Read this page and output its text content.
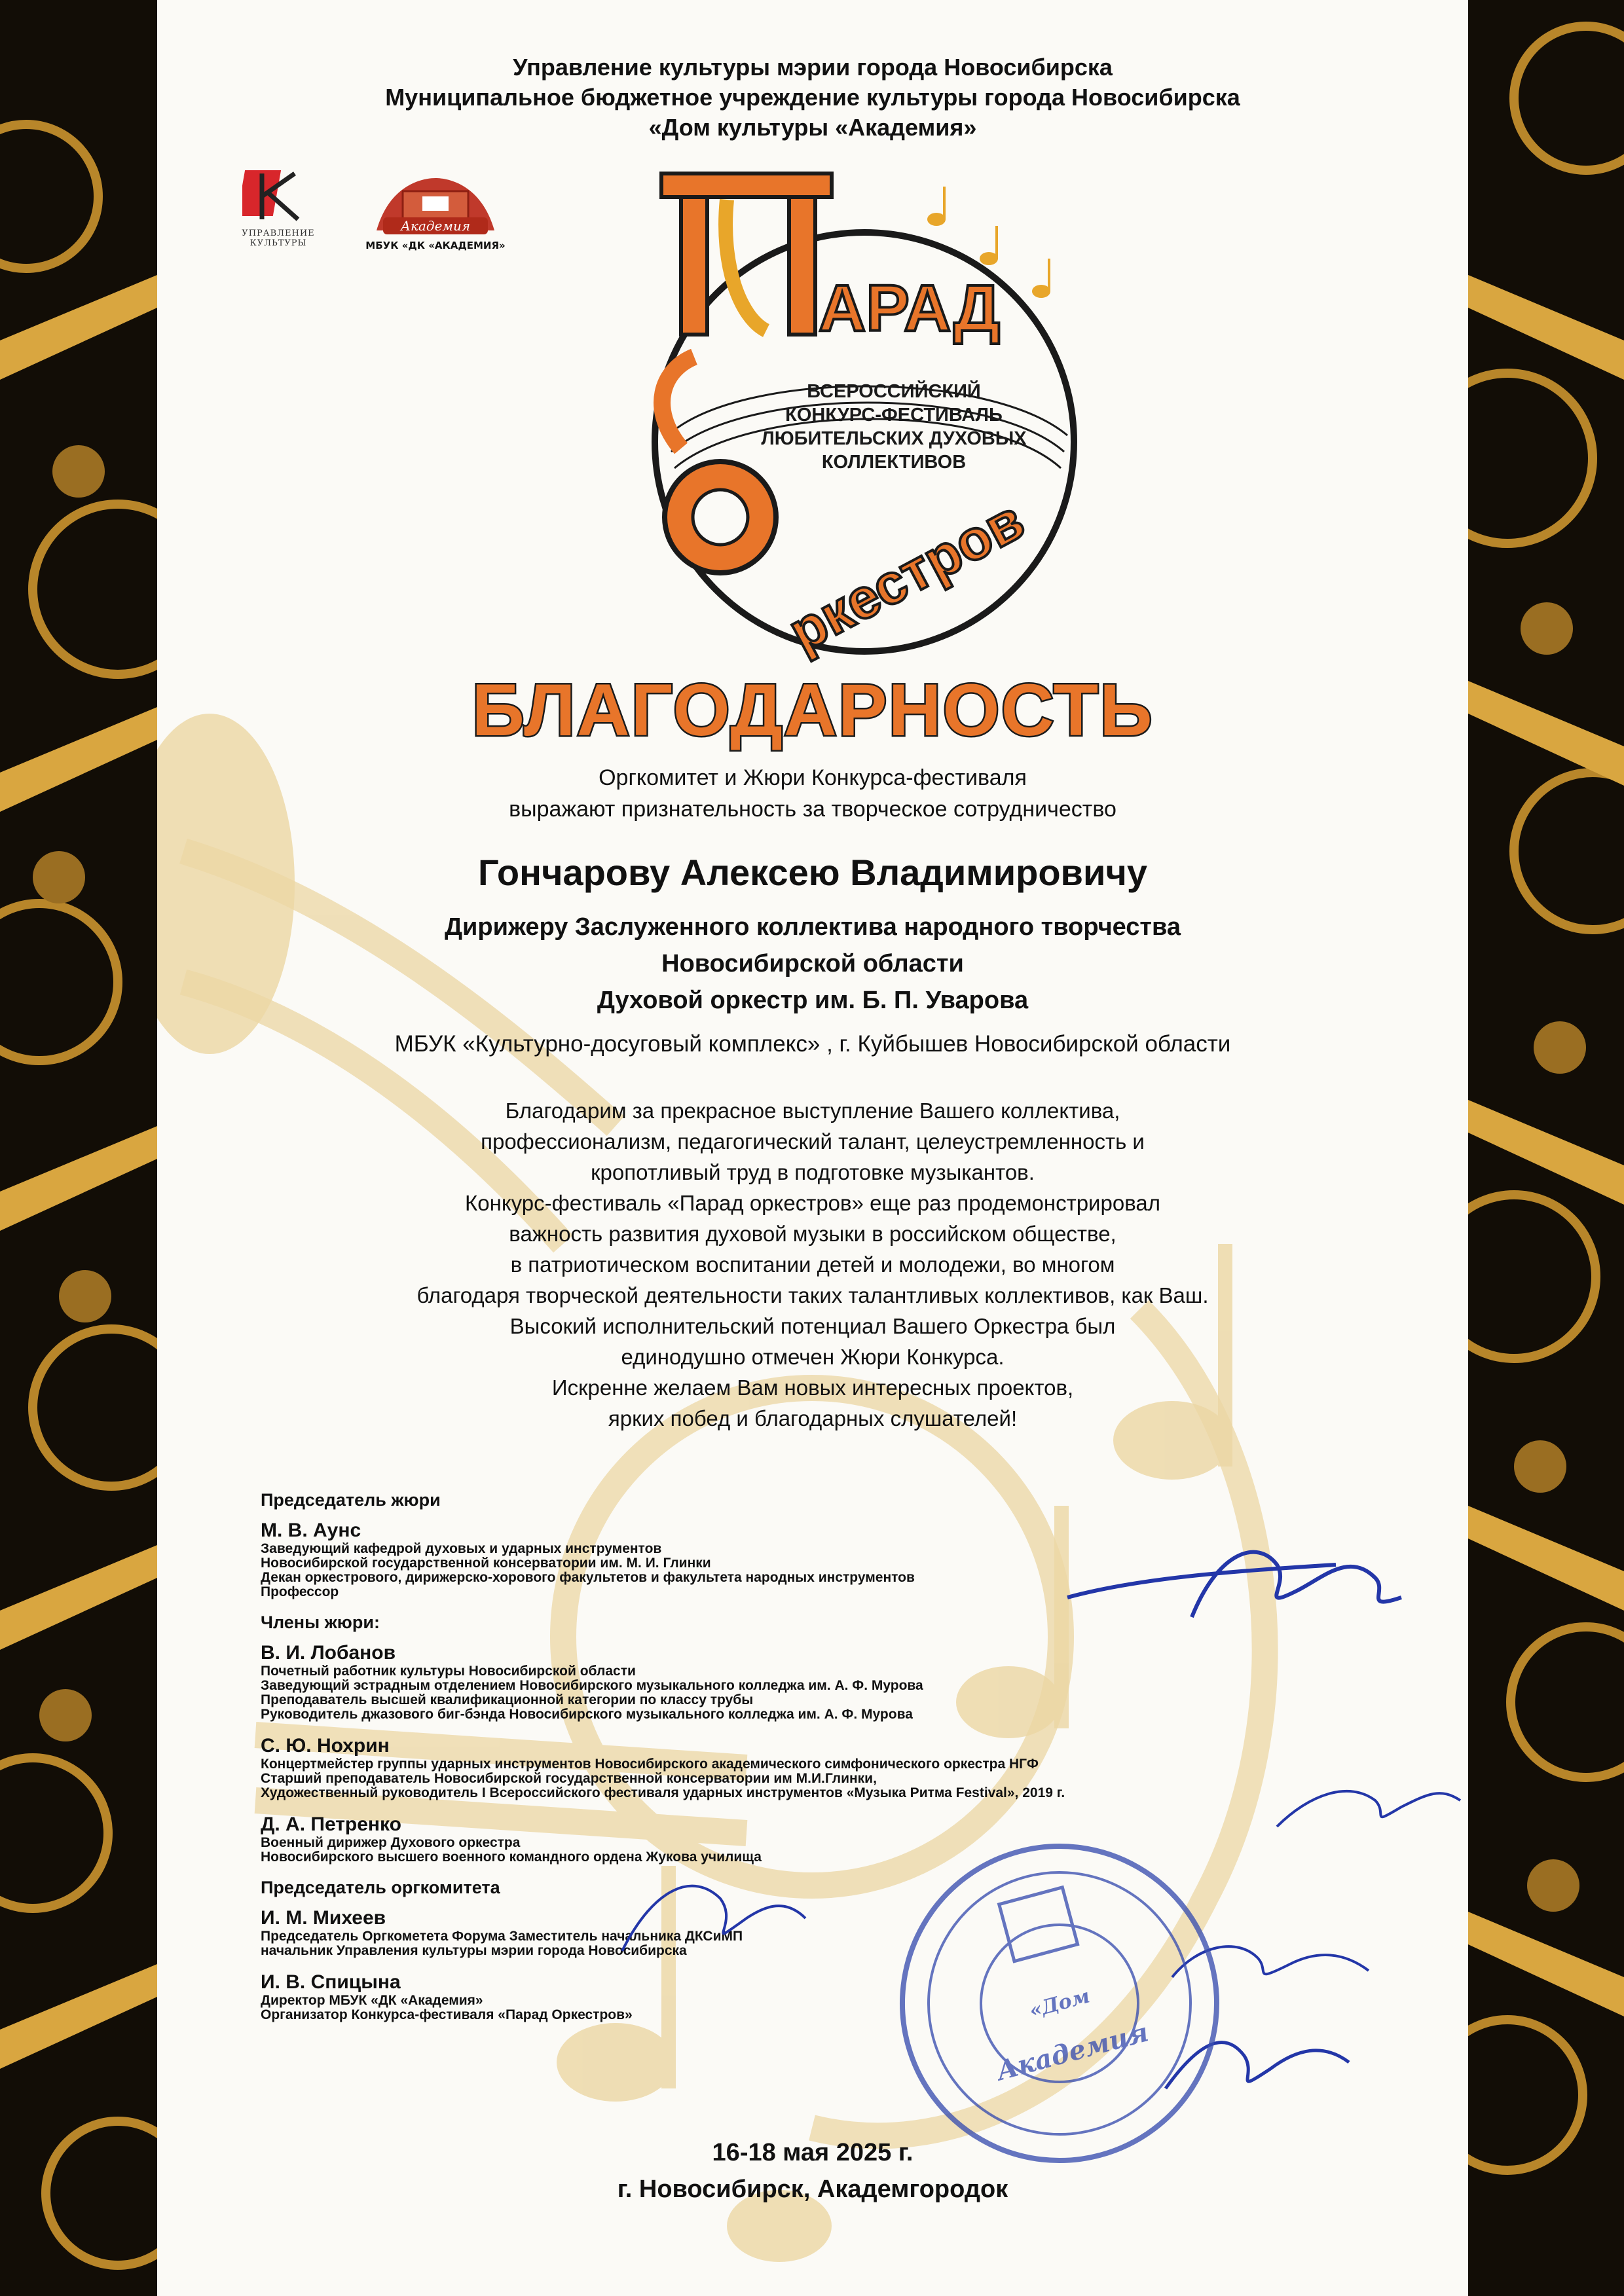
Управление культуры мэрии города Новосибирска
Муниципальное бюджетное учреждение культуры города Новосибирска
«Дом культуры «Академия»
УПРАВЛЕНИЕ
КУЛЬТУРЫ
Академия
МБУК «ДК «АКАДЕМИЯ»
АРАД
ркестров
ВСЕРОССИЙСКИЙ
КОНКУРС-ФЕСТИВАЛЬ
ЛЮБИТЕЛЬСКИХ ДУХОВЫХ
КОЛЛЕКТИВОВ
БЛАГОДАРНОСТЬ
Оргкомитет и Жюри Конкурса-фестиваля
выражают признательность за творческое сотрудничество
Гончарову Алексею Владимировичу
Дирижеру Заслуженного коллектива народного творчества
Новосибирской области
Духовой оркестр им. Б. П. Уварова
МБУК «Культурно-досуговый комплекс» , г. Куйбышев Новосибирской области
Благодарим за прекрасное выступление Вашего коллектива,
профессионализм, педагогический талант, целеустремленность и
кропотливый труд в подготовке музыкантов.
Конкурс-фестиваль «Парад оркестров» еще раз продемонстрировал
важность развития духовой музыки в российском обществе,
в патриотическом воспитании детей и молодежи, во многом
благодаря творческой деятельности таких талантливых коллективов, как Ваш.
Высокий исполнительский потенциал Вашего Оркестра был
единодушно отмечен Жюри Конкурса.
Искренне желаем Вам новых интересных проектов,
ярких побед и благодарных слушателей!
Председатель жюри
М. В. Аунс
Заведующий кафедрой духовых и ударных инструментов
Новосибирской государственной консерватории им. М. И. Глинки
Декан оркестрового, дирижерско-хорового факультетов и факультета народных инструментов
Профессор
Члены жюри:
В. И. Лобанов
Почетный работник культуры Новосибирской области
Заведующий эстрадным отделением Новосибирского музыкального колледжа им. А. Ф. Мурова
Преподаватель высшей квалификационной категории по классу трубы
Руководитель джазового биг-бэнда Новосибирского музыкального колледжа им. А. Ф. Мурова
С. Ю. Нохрин
Концертмейстер группы ударных инструментов Новосибирского академического симфонического оркестра НГФ
Старший преподаватель Новосибирской государственной консерватории им М.И.Глинки,
Художественный руководитель I Всероссийского фестиваля ударных инструментов «Музыка Ритма Festival», 2019 г.
Д. А. Петренко
Военный дирижер Духового оркестра
Новосибирского высшего военного командного ордена Жукова училища
Председатель оргкомитета
И. М. Михеев
Председатель Оргкометета Форума Заместитель начальника ДКСиМП
начальник Управления культуры мэрии города Новосибирска
И. В. Спицына
Директор МБУК «ДК «Академия»
Организатор Конкурса-фестиваля «Парад Оркестров»	«Дом
Академия
16-18 мая 2025 г.
г. Новосибирск, Академгородок
